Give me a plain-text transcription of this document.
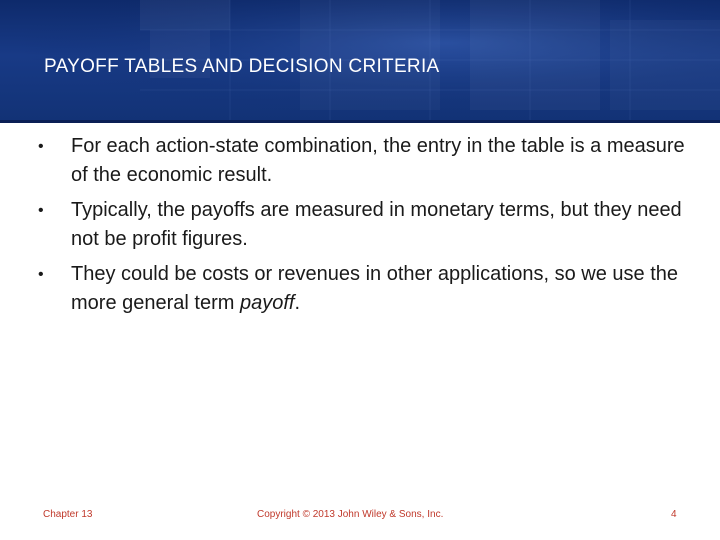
PAYOFF TABLES AND DECISION CRITERIA
• For each action-state combination, the entry in the table is a measure of the economic result.
• Typically, the payoffs are measured in monetary terms, but they need not be profit figures.
• They could be costs or revenues in other applications, so we use the more general term payoff.
Chapter 13	Copyright © 2013 John Wiley & Sons, Inc.	4
